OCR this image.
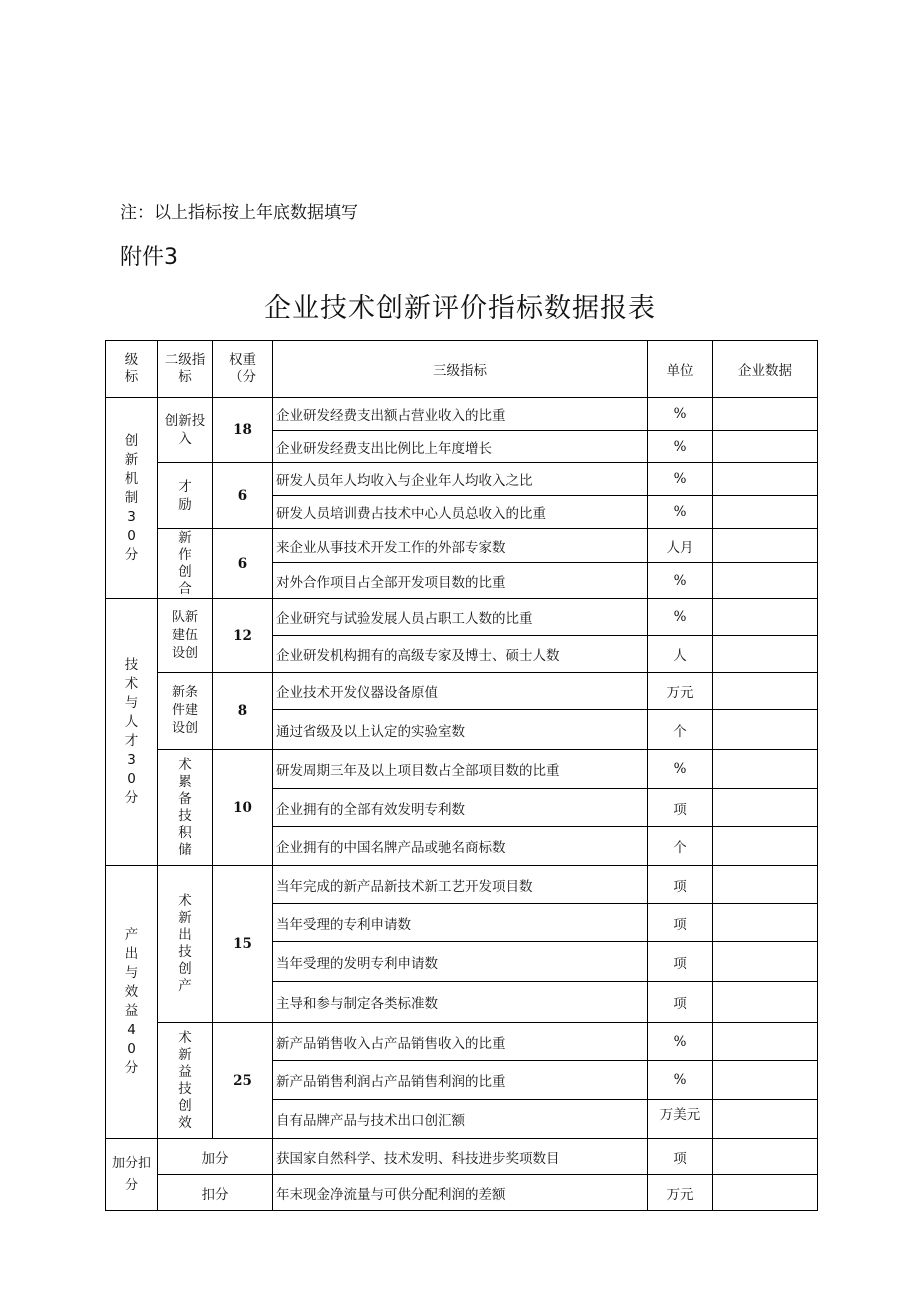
注：以上指标按上年底数据填写
附件3
企业技术创新评价指标数据报表
级标	二级指标	权重（分	三级指标	单位	企业数据
创新机制30分	创新投入	18	企业研发经费支出额占营业收入的比重	%	
			企业研发经费支出比例比上年度增长	%	
	才励	6	研发人员年人均收入与企业年人均收入之比	%	
			研发人员培训费占技术中心人员总收入的比重	%	
	新作创合	6	来企业从事技术开发工作的外部专家数	人月	
			对外合作项目占全部开发项目数的比重	%	
技术与人才30分	队新建伍设创	12	企业研究与试验发展人员占职工人数的比重	%	
			企业研发机构拥有的高级专家及博士、硕士人数	人	
	新条件建设创	8	企业技术开发仪器设备原值	万元	
			通过省级及以上认定的实验室数	个	
	术累备技积储	10	研发周期三年及以上项目数占全部项目数的比重	%	
			企业拥有的全部有效发明专利数	项	
			企业拥有的中国名牌产品或驰名商标数	个	
产出与效益40分	术新出技创产	15	当年完成的新产品新技术新工艺开发项目数	项	
			当年受理的专利申请数	项	
			当年受理的发明专利申请数	项	
			主导和参与制定各类标准数	项	
	术新益技创效	25	新产品销售收入占产品销售收入的比重	%	
			新产品销售利润占产品销售利润的比重	%	
			自有品牌产品与技术出口创汇额	万美元	
加分扣分	加分		获国家自然科学、技术发明、科技进步奖项数目	项	
	扣分		年末现金净流量与可供分配利润的差额	万元	
